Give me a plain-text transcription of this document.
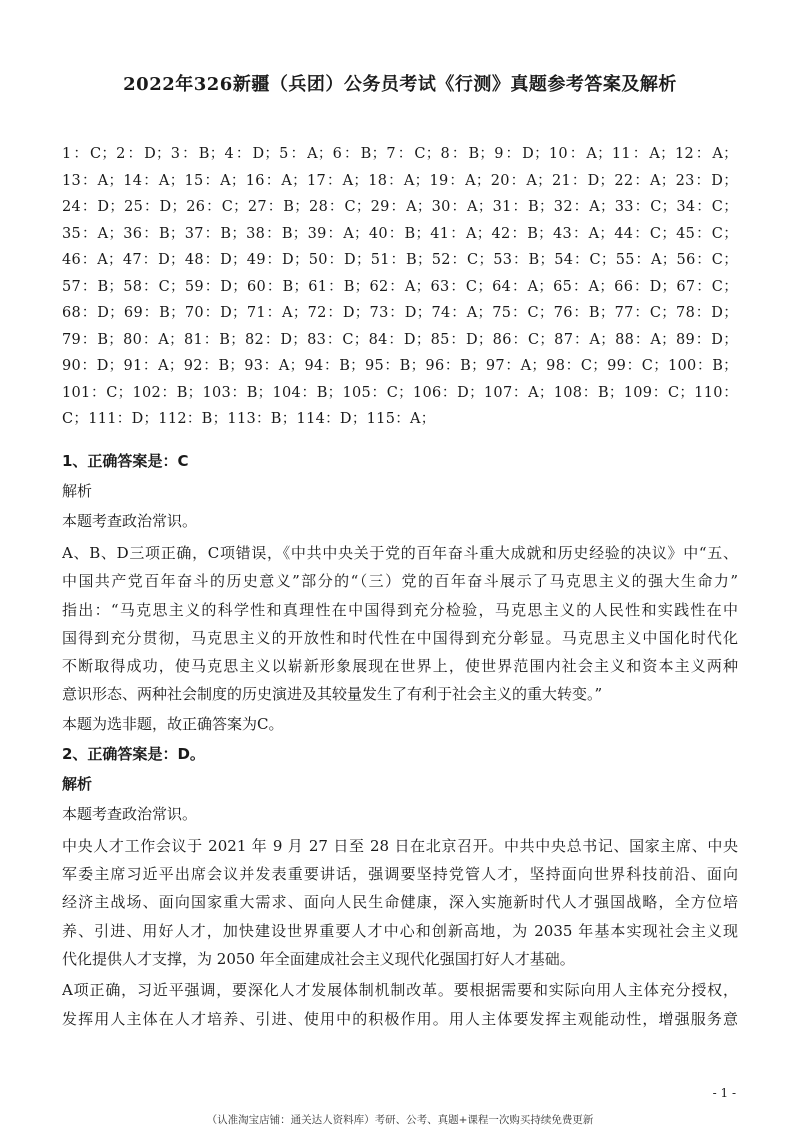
2022年326新疆（兵团）公务员考试《行测》真题参考答案及解析
1：C；2：D；3：B；4：D；5：A；6：B；7：C；8：B；9：D；10：A；11：A；12：A；
13：A；14：A；15：A；16：A；17：A；18：A；19：A；20：A；21：D；22：A；23：D；
24：D；25：D；26：C；27：B；28：C；29：A；30：A；31：B；32：A；33：C；34：C；
35：A；36：B；37：B；38：B；39：A；40：B；41：A；42：B；43：A；44：C；45：C；
46：A；47：D；48：D；49：D；50：D；51：B；52：C；53：B；54：C；55：A；56：C；
57：B；58：C；59：D；60：B；61：B；62：A；63：C；64：A；65：A；66：D；67：C；
68：D；69：B；70：D；71：A；72：D；73：D；74：A；75：C；76：B；77：C；78：D；
79：B；80：A；81：B；82：D；83：C；84：D；85：D；86：C；87：A；88：A；89：D；
90：D；91：A；92：B；93：A；94：B；95：B；96：B；97：A；98：C；99：C；100：B；
101：C；102：B；103：B；104：B；105：C；106：D；107：A；108：B；109：C；110：
C；111：D；112：B；113：B；114：D；115：A；
1、正确答案是：C
解析
本题考查政治常识。
A、B、D三项正确，C项错误，《中共中央关于党的百年奋斗重大成就和历史经验的决议》中“五、
中国共产党百年奋斗的历史意义”部分的“（三）党的百年奋斗展示了马克思主义的强大生命力”
指出：“马克思主义的科学性和真理性在中国得到充分检验，马克思主义的人民性和实践性在中
国得到充分贯彻，马克思主义的开放性和时代性在中国得到充分彰显。马克思主义中国化时代化
不断取得成功，使马克思主义以崭新形象展现在世界上，使世界范围内社会主义和资本主义两种
意识形态、两种社会制度的历史演进及其较量发生了有利于社会主义的重大转变。”
本题为选非题，故正确答案为C。
2、正确答案是：D。
解析
本题考查政治常识。
中央人才工作会议于 2021 年 9 月 27 日至 28 日在北京召开。中共中央总书记、国家主席、中央
军委主席习近平出席会议并发表重要讲话，强调要坚持党管人才，坚持面向世界科技前沿、面向
经济主战场、面向国家重大需求、面向人民生命健康，深入实施新时代人才强国战略，全方位培
养、引进、用好人才，加快建设世界重要人才中心和创新高地，为 2035 年基本实现社会主义现
代化提供人才支撑，为 2050 年全面建成社会主义现代化强国打好人才基础。
A项正确，习近平强调，要深化人才发展体制机制改革。要根据需要和实际向用人主体充分授权，
发挥用人主体在人才培养、引进、使用中的积极作用。用人主体要发挥主观能动性，增强服务意
- 1 -
（认准淘宝店铺：通关达人资料库）考研、公考、真题+课程一次购买持续免费更新
